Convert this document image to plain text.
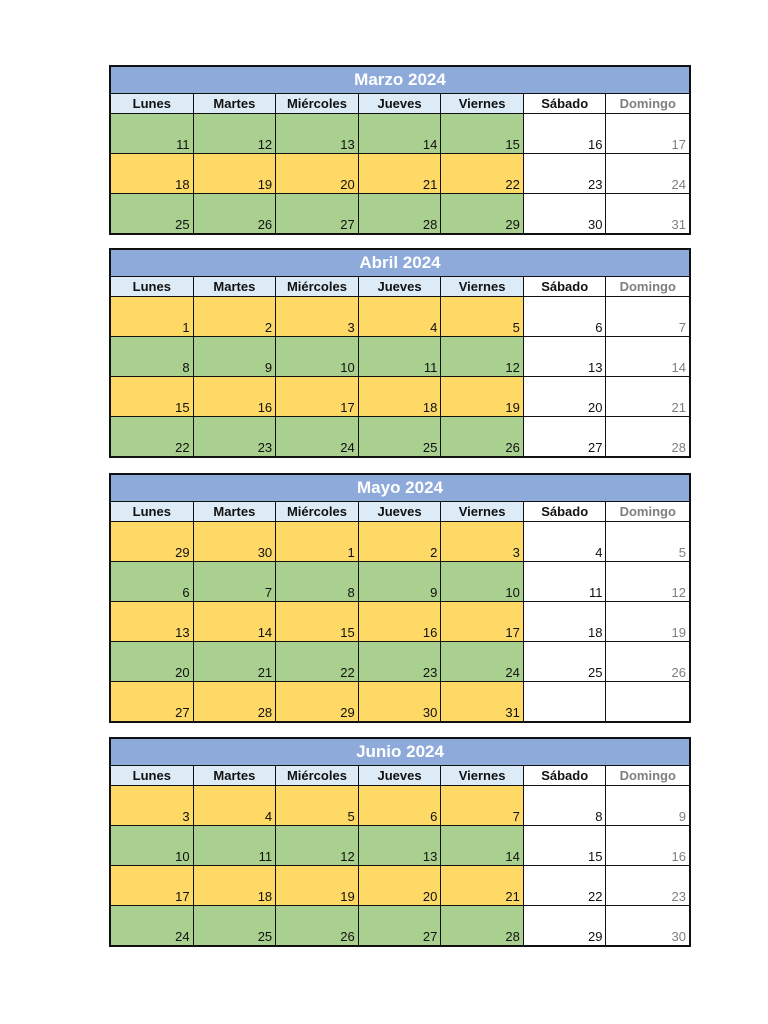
Marzo 2024
Lunes	Martes	Miércoles	Jueves	Viernes	Sábado	Domingo
11	12	13	14	15	16	17
18	19	20	21	22	23	24
25	26	27	28	29	30	31
Abril 2024
Lunes	Martes	Miércoles	Jueves	Viernes	Sábado	Domingo
1	2	3	4	5	6	7
8	9	10	11	12	13	14
15	16	17	18	19	20	21
22	23	24	25	26	27	28
Mayo 2024
Lunes	Martes	Miércoles	Jueves	Viernes	Sábado	Domingo
29	30	1	2	3	4	5
6	7	8	9	10	11	12
13	14	15	16	17	18	19
20	21	22	23	24	25	26
27	28	29	30	31
Junio 2024
Lunes	Martes	Miércoles	Jueves	Viernes	Sábado	Domingo
3	4	5	6	7	8	9
10	11	12	13	14	15	16
17	18	19	20	21	22	23
24	25	26	27	28	29	30
